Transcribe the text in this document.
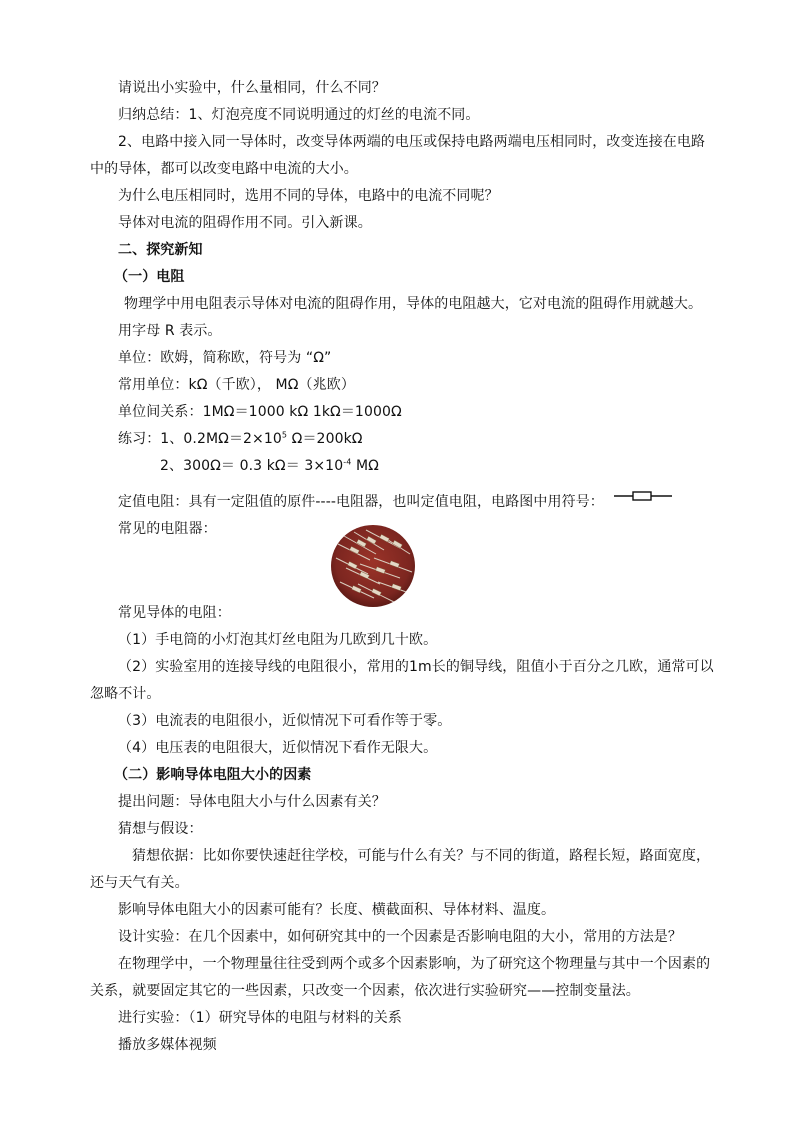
请说出小实验中，什么量相同，什么不同？
归纳总结：1、灯泡亮度不同说明通过的灯丝的电流不同。
2、电路中接入同一导体时，改变导体两端的电压或保持电路两端电压相同时，改变连接在电路
中的导体，都可以改变电路中电流的大小。
为什么电压相同时，选用不同的导体，电路中的电流不同呢？
导体对电流的阻碍作用不同。引入新课。
二、探究新知
（一）电阻
物理学中用电阻表示导体对电流的阻碍作用，导体的电阻越大，它对电流的阻碍作用就越大。
用字母 R 表示。
单位：欧姆，简称欧，符号为 “Ω”
常用单位：kΩ（千欧）， MΩ（兆欧）
单位间关系：1MΩ＝1000 kΩ 1kΩ＝1000Ω
练习：1、$0.2M\Omega=2\times 10^5$ Ω＝200kΩ
2、300Ω＝ 0.3 $k\Omega= 3\times 10^{-4}$ MΩ
定值电阻：具有一定阻值的原件----电阻器，也叫定值电阻，电路图中用符号：
常见的电阻器：
常见导体的电阻：
（1）手电筒的小灯泡其灯丝电阻为几欧到几十欧。
（2）实验室用的连接导线的电阻很小，常用的1m长的铜导线，阻值小于百分之几欧，通常可以
忽略不计。
（3）电流表的电阻很小，近似情况下可看作等于零。
（4）电压表的电阻很大，近似情况下看作无限大。
（二）影响导体电阻大小的因素
提出问题：导体电阻大小与什么因素有关？
猜想与假设：
猜想依据：比如你要快速赶往学校，可能与什么有关？与不同的街道，路程长短，路面宽度，
还与天气有关。
影响导体电阻大小的因素可能有？长度、横截面积、导体材料、温度。
设计实验：在几个因素中，如何研究其中的一个因素是否影响电阻的大小，常用的方法是？
在物理学中，一个物理量往往受到两个或多个因素影响，为了研究这个物理量与其中一个因素的
关系，就要固定其它的一些因素，只改变一个因素，依次进行实验研究——控制变量法。
进行实验：（1）研究导体的电阻与材料的关系
播放多媒体视频
